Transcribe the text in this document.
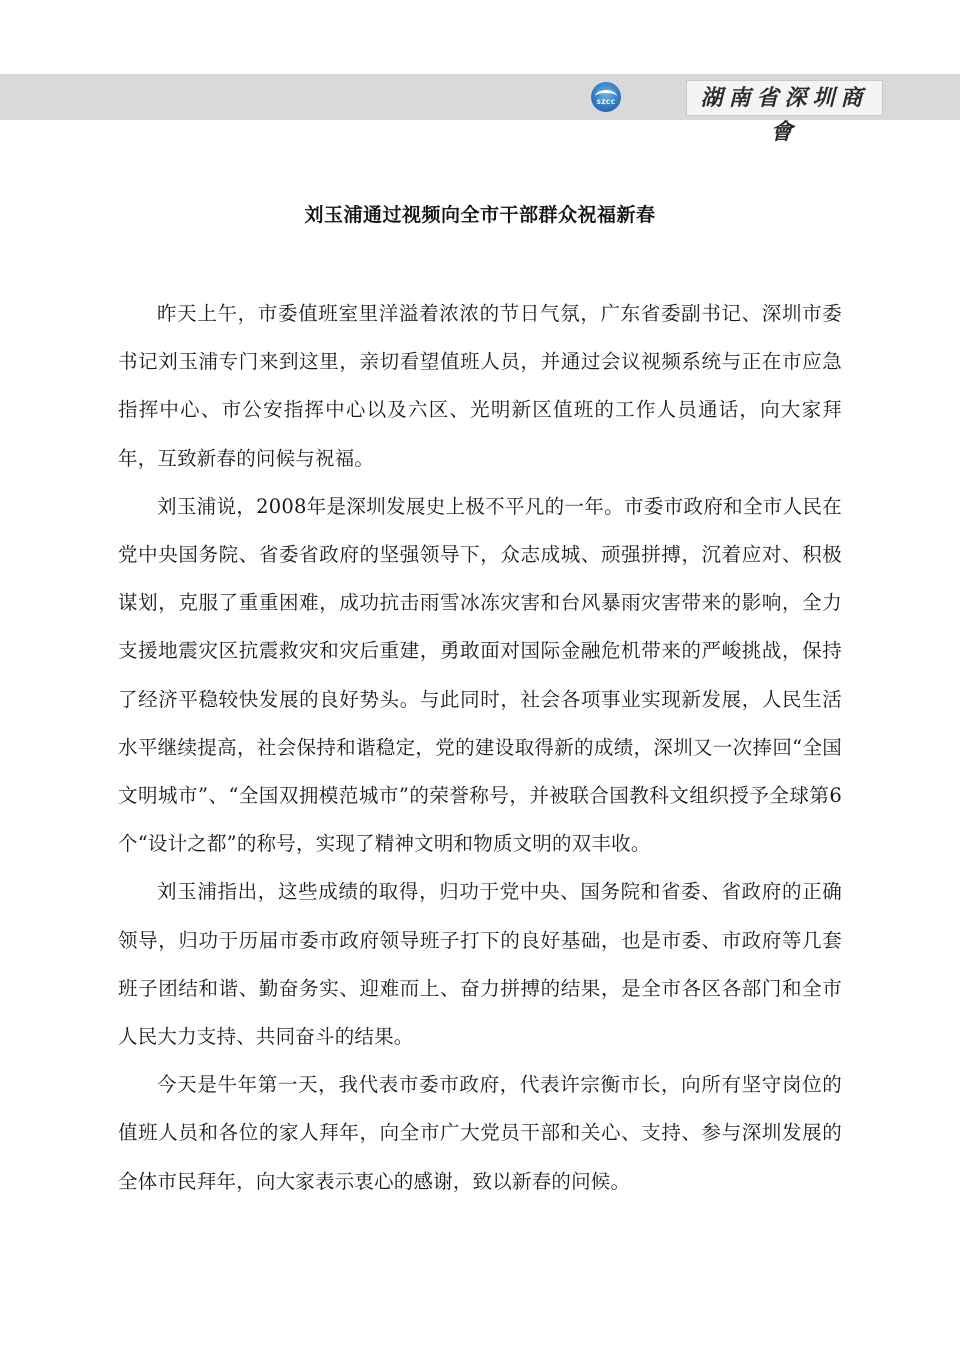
SZCC	湖南省深圳商會
刘玉浦通过视频向全市干部群众祝福新春

昨天上午，市委值班室里洋溢着浓浓的节日气氛，广东省委副书记、深圳市委书记刘玉浦专门来到这里，亲切看望值班人员，并通过会议视频系统与正在市应急指挥中心、市公安指挥中心以及六区、光明新区值班的工作人员通话，向大家拜年，互致新春的问候与祝福。

刘玉浦说，2008年是深圳发展史上极不平凡的一年。市委市政府和全市人民在党中央国务院、省委省政府的坚强领导下，众志成城、顽强拼搏，沉着应对、积极谋划，克服了重重困难，成功抗击雨雪冰冻灾害和台风暴雨灾害带来的影响，全力支援地震灾区抗震救灾和灾后重建，勇敢面对国际金融危机带来的严峻挑战，保持了经济平稳较快发展的良好势头。与此同时，社会各项事业实现新发展，人民生活水平继续提高，社会保持和谐稳定，党的建设取得新的成绩，深圳又一次捧回“全国文明城市”、“全国双拥模范城市”的荣誉称号，并被联合国教科文组织授予全球第6个“设计之都”的称号，实现了精神文明和物质文明的双丰收。

刘玉浦指出，这些成绩的取得，归功于党中央、国务院和省委、省政府的正确领导，归功于历届市委市政府领导班子打下的良好基础，也是市委、市政府等几套班子团结和谐、勤奋务实、迎难而上、奋力拼搏的结果，是全市各区各部门和全市人民大力支持、共同奋斗的结果。

今天是牛年第一天，我代表市委市政府，代表许宗衡市长，向所有坚守岗位的值班人员和各位的家人拜年，向全市广大党员干部和关心、支持、参与深圳发展的全体市民拜年，向大家表示衷心的感谢，致以新春的问候。
